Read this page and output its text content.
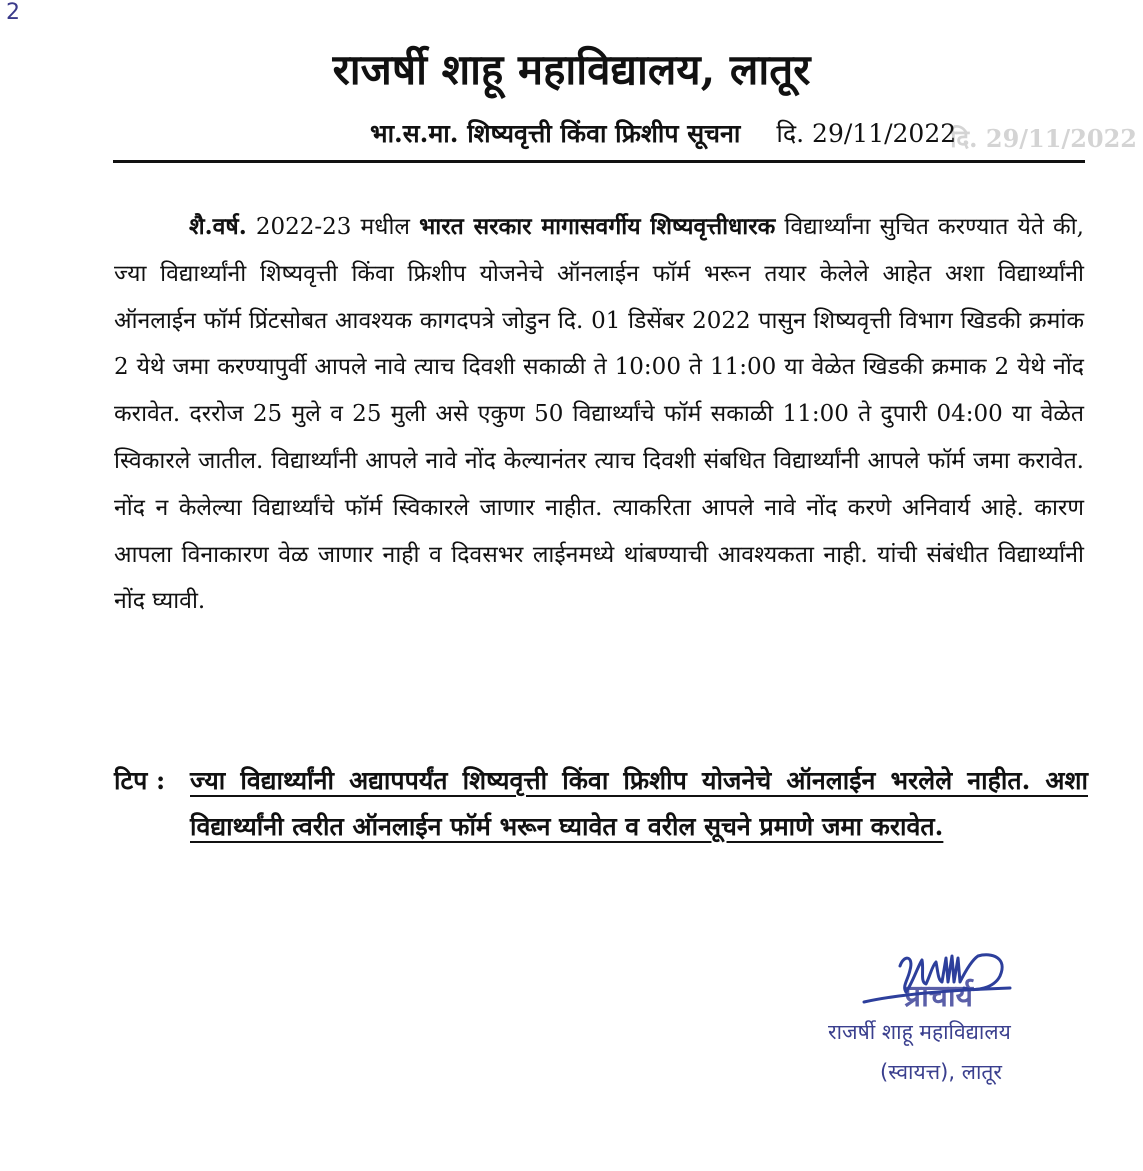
2
दि. 29/11/2022
राजर्षी शाहू महाविद्यालय, लातूर
भा.स.मा. शिष्यवृत्ती किंवा फ्रिशीप सूचना दि. 29/11/2022
शै.वर्ष. 2022-23 मधील भारत सरकार मागासवर्गीय शिष्यवृत्तीधारक विद्यार्थ्यांना सुचित करण्यात येते की, ज्या विद्यार्थ्यांनी शिष्यवृत्ती किंवा फ्रिशीप योजनेचे ऑनलाईन फॉर्म भरून तयार केलेले आहेत अशा विद्यार्थ्यांनी ऑनलाईन फॉर्म प्रिंटसोबत आवश्यक कागदपत्रे जोडुन दि. 01 डिसेंबर 2022 पासुन शिष्यवृत्ती विभाग खिडकी क्रमांक 2 येथे जमा करण्यापुर्वी आपले नावे त्याच दिवशी सकाळी ते 10:00 ते 11:00 या वेळेत खिडकी क्रमाक 2 येथे नोंद करावेत. दररोज 25 मुले व 25 मुली असे एकुण 50 विद्यार्थ्यांचे फॉर्म सकाळी 11:00 ते दुपारी 04:00 या वेळेत स्विकारले जातील. विद्यार्थ्यांनी आपले नावे नोंद केल्यानंतर त्याच दिवशी संबधित विद्यार्थ्यांनी आपले फॉर्म जमा करावेत. नोंद न केलेल्या विद्यार्थ्यांचे फॉर्म स्विकारले जाणार नाहीत. त्याकरिता आपले नावे नोंद करणे अनिवार्य आहे. कारण आपला विनाकारण वेळ जाणार नाही व दिवसभर लाईनमध्ये थांबण्याची आवश्यकता नाही. यांची संबंधीत विद्यार्थ्यांनी नोंद घ्यावी.
टिप : ज्या विद्यार्थ्यांनी अद्यापपर्यंत शिष्यवृत्ती किंवा फ्रिशीप योजनेचे ऑनलाईन भरलेले नाहीत. अशा विद्यार्थ्यांनी त्वरीत ऑनलाईन फॉर्म भरून घ्यावेत व वरील सूचने प्रमाणे जमा करावेत.
प्राचार्य
राजर्षी शाहू महाविद्यालय
(स्वायत्त), लातूर
